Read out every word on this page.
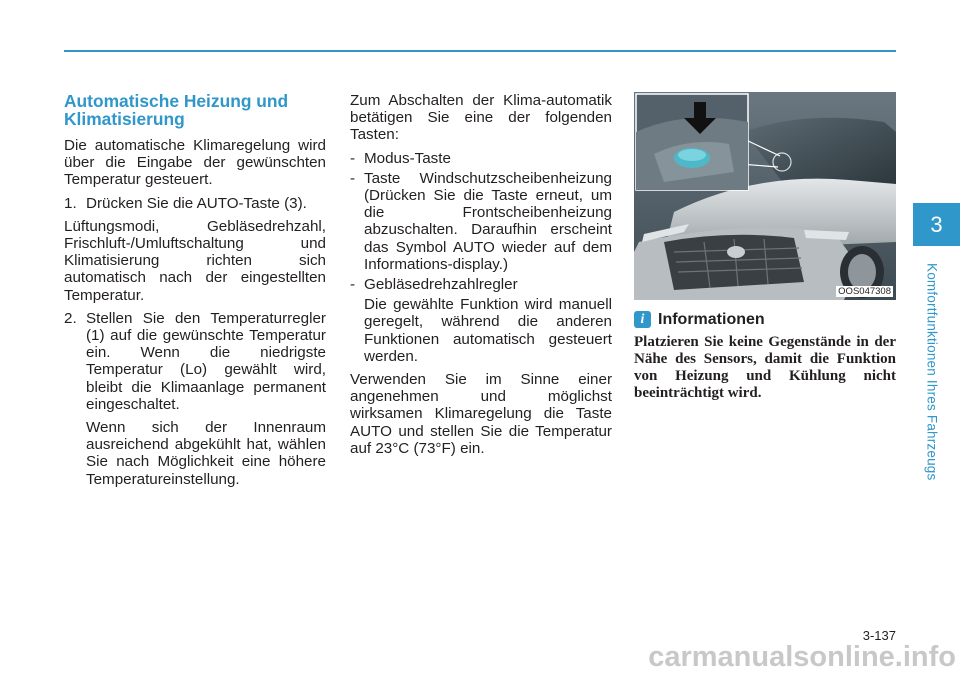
Automatische Heizung und Klimatisierung

Die automatische Klimaregelung wird über die Eingabe der gewünschten Temperatur gesteuert.

1. Drücken Sie die AUTO-Taste (3).

Lüftungsmodi, Gebläsedrehzahl, Frischluft-/Umluftschaltung und Klimatisierung richten sich automatisch nach der eingestellten Temperatur.

2. Stellen Sie den Temperaturregler (1) auf die gewünschte Temperatur ein. Wenn die niedrigste Temperatur (Lo) gewählt wird, bleibt die Klimaanlage permanent eingeschaltet.

Wenn sich der Innenraum ausreichend abgekühlt hat, wählen Sie nach Möglichkeit eine höhere Temperatureinstellung.

Zum Abschalten der Klima-automatik betätigen Sie eine der folgenden Tasten:

- Modus-Taste
- Taste Windschutzscheibenheizung (Drücken Sie die Taste erneut, um die Frontscheibenheizung abzuschalten. Daraufhin erscheint das Symbol AUTO wieder auf dem Informations-display.)
- Gebläsedrehzahlregler

Die gewählte Funktion wird manuell geregelt, während die anderen Funktionen automatisch gesteuert werden.

Verwenden Sie im Sinne einer angenehmen und möglichst wirksamen Klimaregelung die Taste AUTO und stellen Sie die Temperatur auf 23°C (73°F) ein.

OOS047308
i Informationen

Platzieren Sie keine Gegenstände in der Nähe des Sensors, damit die Funktion von Heizung und Kühlung nicht beeinträchtigt wird.

3
Komfortfunktionen Ihres Fahrzeugs
3-137
carmanualsonline.info
